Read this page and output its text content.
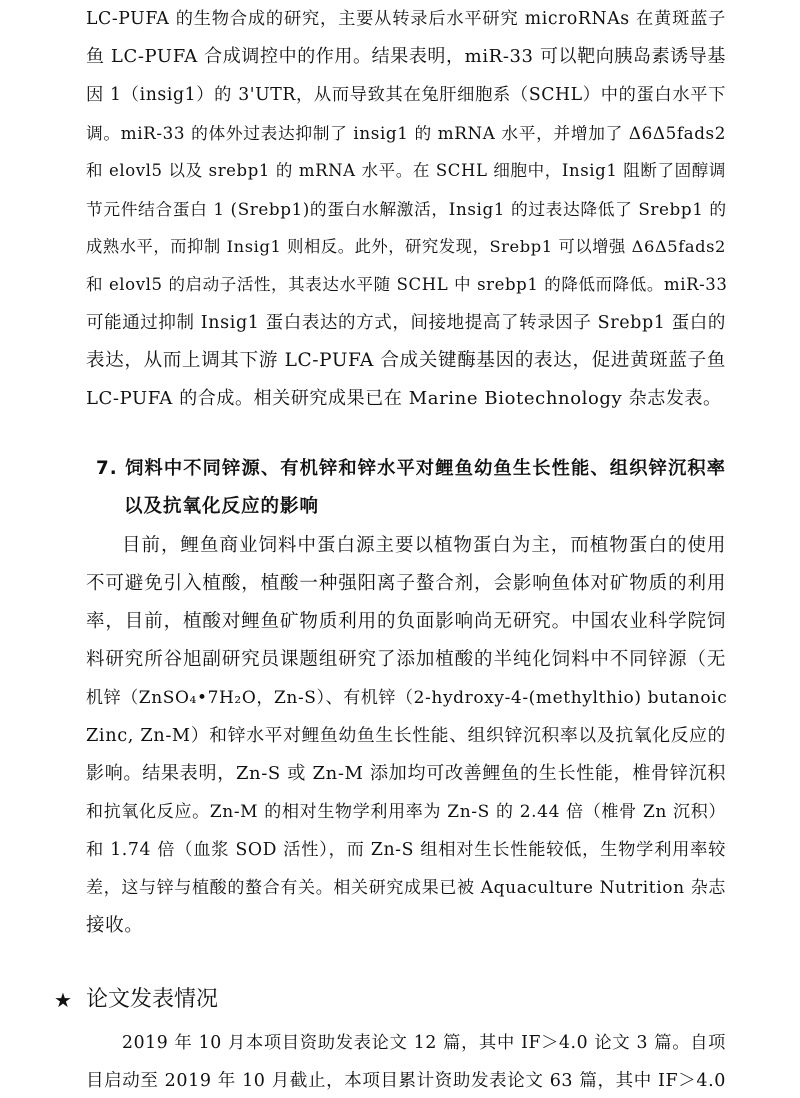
LC-PUFA 的生物合成的研究，主要从转录后水平研究 microRNAs 在黄斑蓝子
鱼 LC-PUFA 合成调控中的作用。结果表明，miR-33 可以靶向胰岛素诱导基
因 1（insig1）的 3'UTR，从而导致其在兔肝细胞系（SCHL）中的蛋白水平下
调。miR-33 的体外过表达抑制了 insig1 的 mRNA 水平，并增加了 Δ6Δ5fads2
和 elovl5 以及 srebp1 的 mRNA 水平。在 SCHL 细胞中，Insig1 阻断了固醇调
节元件结合蛋白 1 (Srebp1)的蛋白水解激活，Insig1 的过表达降低了 Srebp1 的
成熟水平，而抑制 Insig1 则相反。此外，研究发现，Srebp1 可以增强 Δ6Δ5fads2
和 elovl5 的启动子活性，其表达水平随 SCHL 中 srebp1 的降低而降低。miR-33
可能通过抑制 Insig1 蛋白表达的方式，间接地提高了转录因子 Srebp1 蛋白的
表达，从而上调其下游 LC-PUFA 合成关键酶基因的表达，促进黄斑蓝子鱼
LC-PUFA 的合成。相关研究成果已在 Marine Biotechnology 杂志发表。
7. 饲料中不同锌源、有机锌和锌水平对鲤鱼幼鱼生长性能、组织锌沉积率
以及抗氧化反应的影响
目前，鲤鱼商业饲料中蛋白源主要以植物蛋白为主，而植物蛋白的使用
不可避免引入植酸，植酸一种强阳离子螯合剂，会影响鱼体对矿物质的利用
率，目前，植酸对鲤鱼矿物质利用的负面影响尚无研究。中国农业科学院饲
料研究所谷旭副研究员课题组研究了添加植酸的半纯化饲料中不同锌源（无
机锌（ZnSO₄•7H₂O，Zn-S）、有机锌（2-hydroxy-4-(methylthio) butanoic
Zinc, Zn-M）和锌水平对鲤鱼幼鱼生长性能、组织锌沉积率以及抗氧化反应的
影响。结果表明，Zn-S 或 Zn-M 添加均可改善鲤鱼的生长性能，椎骨锌沉积
和抗氧化反应。Zn-M 的相对生物学利用率为 Zn-S 的 2.44 倍（椎骨 Zn 沉积）
和 1.74 倍（血浆 SOD 活性），而 Zn-S 组相对生长性能较低，生物学利用率较
差，这与锌与植酸的螯合有关。相关研究成果已被 Aquaculture Nutrition 杂志
接收。
★ 论文发表情况
2019 年 10 月本项目资助发表论文 12 篇，其中 IF＞4.0 论文 3 篇。自项
目启动至 2019 年 10 月截止，本项目累计资助发表论文 63 篇，其中 IF＞4.0
